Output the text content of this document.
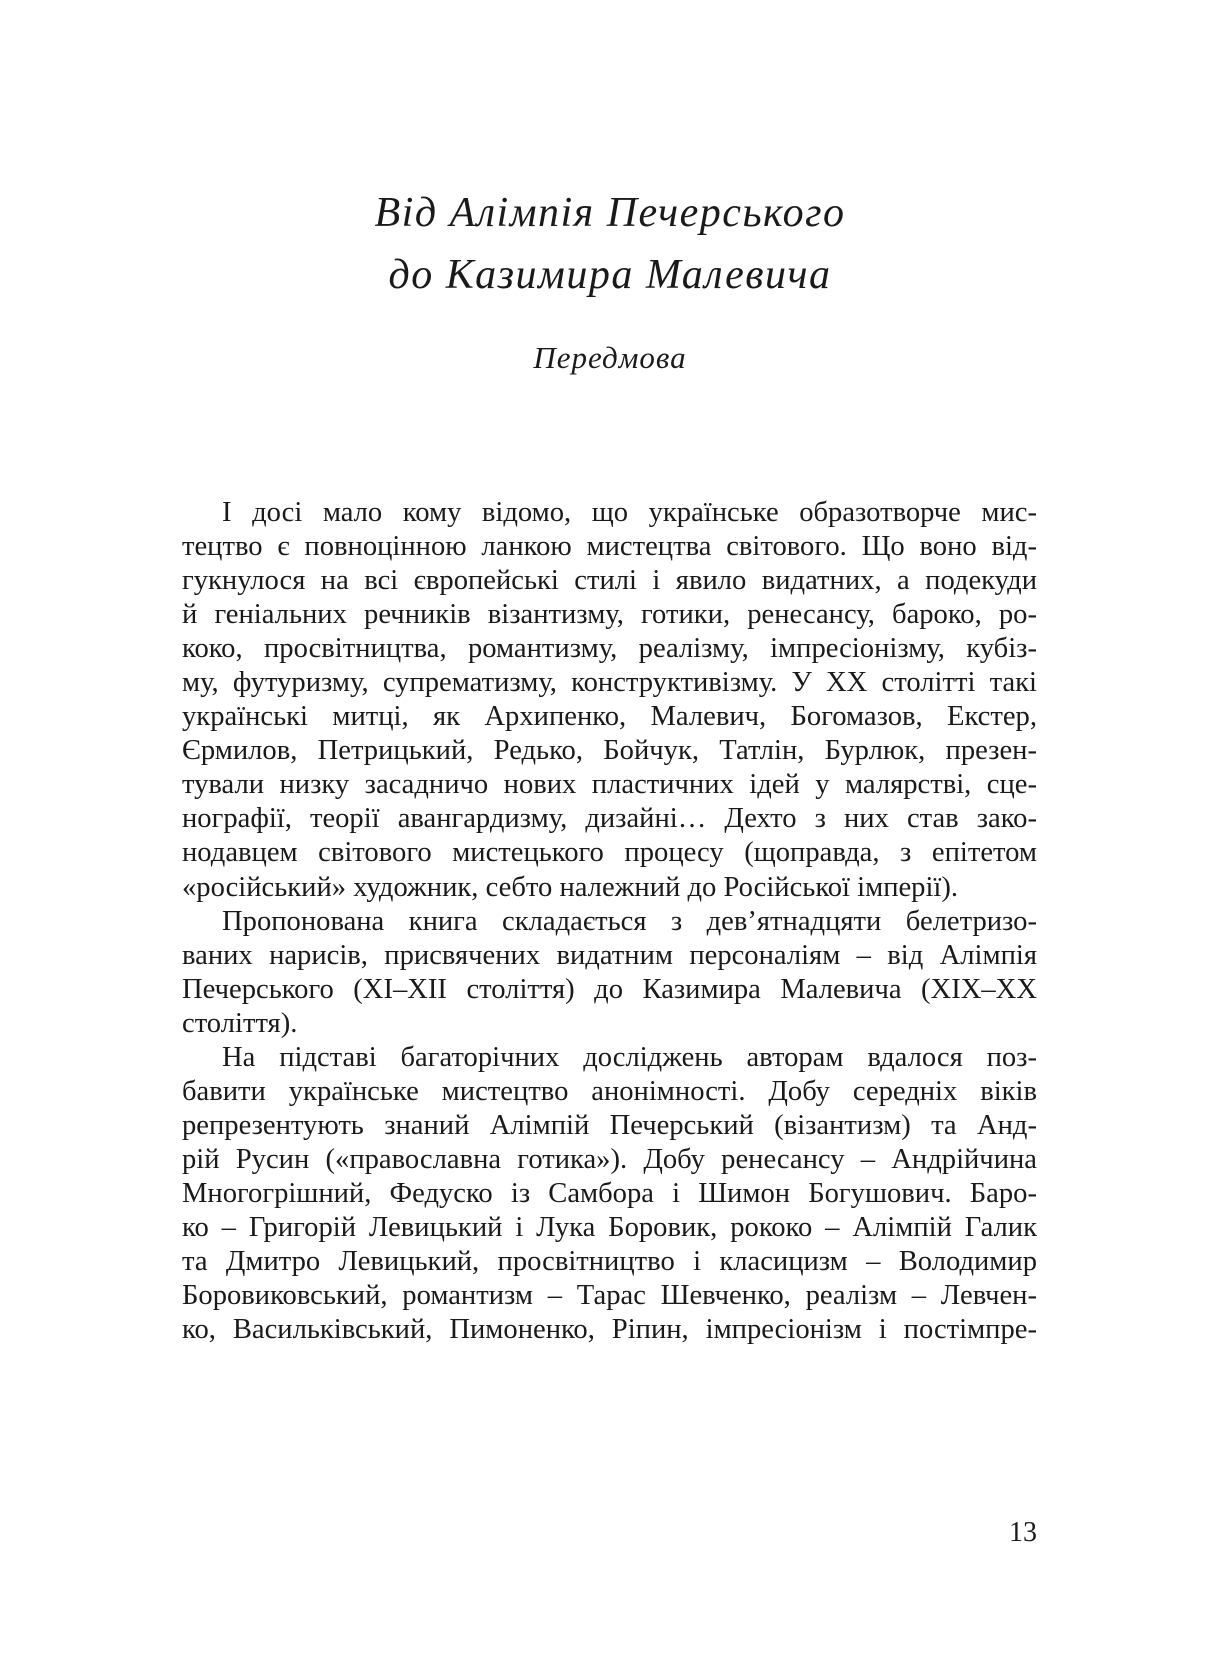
Від Алімпія Печерського
до Казимира Малевича
Передмова
І досі мало кому відомо, що українське образотворче мис-
тецтво є повноцінною ланкою мистецтва світового. Що воно від-
гукнулося на всі європейські стилі і явило видатних, а подекуди
й геніальних речників візантизму, готики, ренесансу, бароко, ро-
коко, просвітництва, романтизму, реалізму, імпресіонізму, кубіз-
му, футуризму, супрематизму, конструктивізму. У ХХ столітті такі
українські митці, як Архипенко, Малевич, Богомазов, Екстер,
Єрмилов, Петрицький, Редько, Бойчук, Татлін, Бурлюк, презен-
тували низку засадничо нових пластичних ідей у малярстві, сце-
нографії, теорії авангардизму, дизайні… Дехто з них став зако-
нодавцем світового мистецького процесу (щоправда, з епітетом
«російський» художник, себто належний до Російської імперії).
Пропонована книга складається з дев’ятнадцяти белетризо-
ваних нарисів, присвячених видатним персоналіям – від Алімпія
Печерського (ХІ–ХІІ століття) до Казимира Малевича (ХІХ–ХХ
століття).
На підставі багаторічних досліджень авторам вдалося поз-
бавити українське мистецтво анонімності. Добу середніх віків
репрезентують знаний Алімпій Печерський (візантизм) та Анд-
рій Русин («православна готика»). Добу ренесансу – Андрійчина
Многогрішний, Федуско із Самбора і Шимон Богушович. Баро-
ко – Григорій Левицький і Лука Боровик, рококо – Алімпій Галик
та Дмитро Левицький, просвітництво і класицизм – Володимир
Боровиковський, романтизм – Тарас Шевченко, реалізм – Левчен-
ко, Васильківський, Пимоненко, Ріпин, імпресіонізм і постімпре-
13
